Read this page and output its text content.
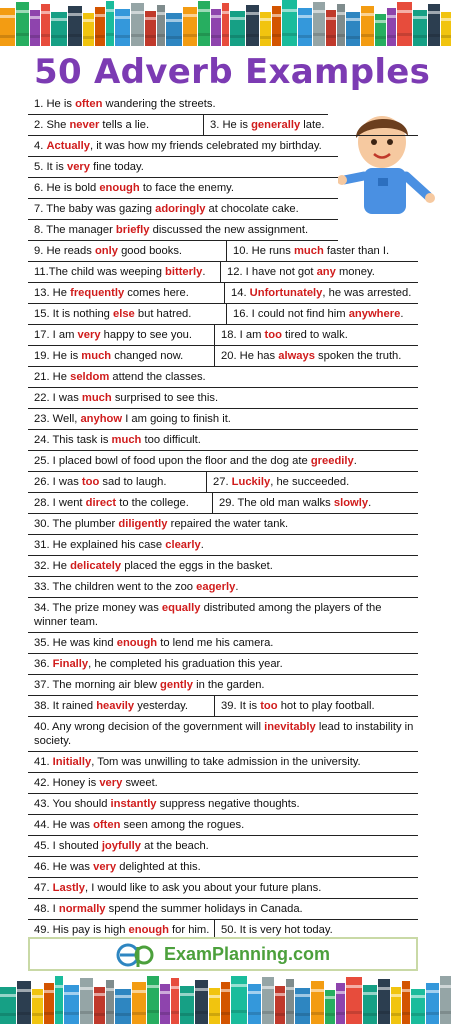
50 Adverb Examples
1. He is often wandering the streets.
2. She never tells a lie.	3. He is generally late.
4. Actually, it was how my friends celebrated my birthday.
5. It is very fine today.
6. He is bold enough to face the enemy.
7. The baby was gazing adoringly at chocolate cake.
8. The manager briefly discussed the new assignment.
9. He reads only good books.	10. He runs much faster than I.
11.The child was weeping bitterly.	12. I have not got any money.
13. He frequently comes here.	14. Unfortunately, he was arrested.
15. It is nothing else but hatred.	16. I could not find him anywhere.
17. I am very happy to see you.	18. I am too tired to walk.
19. He is much changed now.	20. He has always spoken the truth.
21. He seldom attend the classes.
22. I was much surprised to see this.
23. Well, anyhow I am going to finish it.
24. This task is much too difficult.
25. I placed bowl of food upon the floor and the dog ate greedily.
26. I was too sad to laugh.	27. Luckily, he succeeded.
28. I went direct to the college.	29. The old man walks slowly.
30. The plumber diligently repaired the water tank.
31. He explained his case clearly.
32. He delicately placed the eggs in the basket.
33. The children went to the zoo eagerly.
34. The prize money was equally distributed among the players of the winner team.
35. He was kind enough to lend me his camera.
36. Finally, he completed his graduation this year.
37. The morning air blew gently in the garden.
38. It rained heavily yesterday.	39. It is too hot to play football.
40. Any wrong decision of the government will inevitably lead to instability in society.
41. Initially, Tom was unwilling to take admission in the university.
42. Honey is very sweet.
43. You should instantly suppress negative thoughts.
44. He was often seen among the rogues.
45. I shouted joyfully at the beach.
46. He was very delighted at this.
47. Lastly, I would like to ask you about your future plans.
48. I normally spend the summer holidays in Canada.
49. His pay is high enough for him.	50. It is very hot today.
ExamPlanning.com
